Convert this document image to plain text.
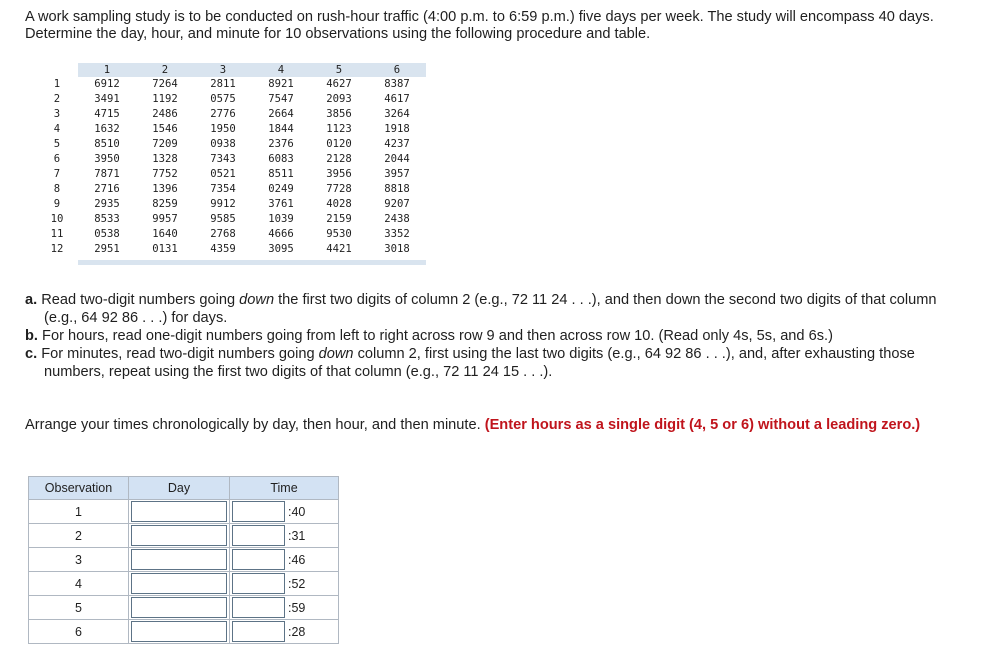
A work sampling study is to be conducted on rush-hour traffic (4:00 p.m. to 6:59 p.m.) five days per week. The study will encompass 40 days. Determine the day, hour, and minute for 10 observations using the following procedure and table.

	1	2	3	4	5	6
1	6912	7264	2811	8921	4627	8387
2	3491	1192	0575	7547	2093	4617
3	4715	2486	2776	2664	3856	3264
4	1632	1546	1950	1844	1123	1918
5	8510	7209	0938	2376	0120	4237
6	3950	1328	7343	6083	2128	2044
7	7871	7752	0521	8511	3956	3957
8	2716	1396	7354	0249	7728	8818
9	2935	8259	9912	3761	4028	9207
10	8533	9957	9585	1039	2159	2438
11	0538	1640	2768	4666	9530	3352
12	2951	0131	4359	3095	4421	3018

a. Read two-digit numbers going down the first two digits of column 2 (e.g., 72 11 24 . . .), and then down the second two digits of that column (e.g., 64 92 86 . . .) for days.

b. For hours, read one-digit numbers going from left to right across row 9 and then across row 10. (Read only 4s, 5s, and 6s.)

c. For minutes, read two-digit numbers going down column 2, first using the last two digits (e.g., 64 92 86 . . .), and, after exhausting those numbers, repeat using the first two digits of that column (e.g., 72 11 24 15 . . .).

Arrange your times chronologically by day, then hour, and then minute. (Enter hours as a single digit (4, 5 or 6) without a leading zero.)

Observation	Day	Time
1		:40

2		:31

3		:46

4		:52

5		:59

6		:28
